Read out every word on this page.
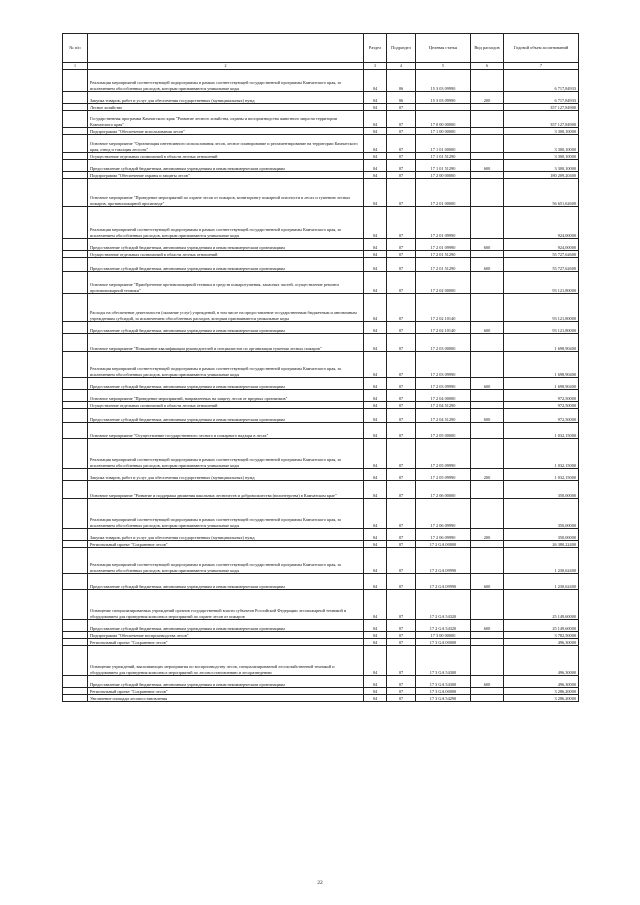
№ п/п		Раздел	Подраздел	Целевая статья	Вид расходов	Годовой объем ассигнований
1	2	3	4	5	6	7
	Реализация мероприятий соответствующей подпрограммы в рамках соответствующей государственной программы Камчатского края, за исключением обособленных расходов, которым присваиваются уникальные коды	04	06	15 3 03 09990		6 717,84933
	Закупка товаров, работ и услуг для обеспечения государственных (муниципальных) нужд	04	06	15 3 03 09990	200	6 717,84933
	Лесное хозяйство	04	07			357 127,84900
	Государственная программа Камчатского края "Развитие лесного хозяйства, охраны и воспроизводства животного мира на территории Камчатского края"	04	07	17 0 00 00000		357 127,84900
	Подпрограмма "Обеспечение использования лесов"	04	07	17 1 00 00000		3 300,10000
	Основное мероприятие "Организация интенсивного использования лесов, лесное планирование и регламентирование на территории Камчатского края, отвод и таксация лесосек"	04	07	17 1 01 00000		3 300,10000
	Осуществление отдельных полномочий в области лесных отношений	04	07	17 1 01 51290		3 300,10000
	Предоставление субсидий бюджетным, автономным учреждениям и иным некоммерческим организациям	04	07	17 1 01 51290	600	3 300,10000
	Подпрограмма "Обеспечение охраны и защиты лесов"	04	07	17 2 00 00000		180 209,20400
	Основное мероприятие "Проведение мероприятий по охране лесов от пожаров, мониторингу пожарной опасности в лесах и тушению лесных пожаров, противопожарной пропаганде"	04	07	17 2 01 00000		56 651,62600
	Реализация мероприятий соответствующей подпрограммы в рамках соответствующей государственной программы Камчатского края, за исключением обособленных расходов, которым присваиваются уникальные коды	04	07	17 2 01 09990		924,00000
	Предоставление субсидий бюджетным, автономным учреждениям и иным некоммерческим организациям	04	07	17 2 01 09990	600	924,00000
	Осуществление отдельных полномочий в области лесных отношений	04	07	17 2 01 51290		55 727,62600
	Предоставление субсидий бюджетным, автономным учреждениям и иным некоммерческим организациям	04	07	17 2 01 51290	600	55 727,62600
	Основное мероприятие "Приобретение противопожарной техники и средств пожаротушения, запасных частей, осуществление ремонта противопожарной техники"	04	07	17 2 02 00000		93 121,80000
	Расходы на обеспечение деятельности (оказание услуг) учреждений, в том числе на предоставление государственным бюджетным и автономным учреждениям субсидий, за исключением обособленных расходов, которым присваиваются уникальные коды	04	07	17 2 02 10140		93 121,80000
	Предоставление субсидий бюджетным, автономным учреждениям и иным некоммерческим организациям	04	07	17 2 02 10140	600	93 121,80000
	Основное мероприятие "Повышение квалификации руководителей и специалистов по организации тушения лесных пожаров"	04	07	17 2 03 00000		1 698,90400
	Реализация мероприятий соответствующей подпрограммы в рамках соответствующей государственной программы Камчатского края, за исключением обособленных расходов, которым присваиваются уникальные коды	04	07	17 2 03 09990		1 698,90400
	Предоставление субсидий бюджетным, автономным учреждениям и иным некоммерческим организациям	04	07	17 2 03 09990	600	1 698,90400
	Основное мероприятие "Проведение мероприятий, направленных на защиту лесов от вредных организмов"	04	07	17 2 04 00000		972,50000
	Осуществление отдельных полномочий в области лесных отношений	04	07	17 2 04 51290		972,50000
	Предоставление субсидий бюджетным, автономным учреждениям и иным некоммерческим организациям	04	07	17 2 04 51290	600	972,50000
	Основное мероприятие "Осуществление государственного лесного и пожарного надзора в лесах"	04	07	17 2 05 00000		1 032,15000
	Реализация мероприятий соответствующей подпрограммы в рамках соответствующей государственной программы Камчатского края, за исключением обособленных расходов, которым присваиваются уникальные коды	04	07	17 2 05 09990		1 032,15000
	Закупка товаров, работ и услуг для обеспечения государственных (муниципальных) нужд	04	07	17 2 05 09990	200	1 032,15000
	Основное мероприятие "Развитие и поддержка движения школьных лесничеств и добровольчества (волонтерства) в Камчатском крае"	04	07	17 2 06 00000		350,00000
	Реализация мероприятий соответствующей подпрограммы в рамках соответствующей государственной программы Камчатского края, за исключением обособленных расходов, которым присваиваются уникальные коды	04	07	17 2 06 09990		350,00000
	Закупка товаров, работ и услуг для обеспечения государственных (муниципальных) нужд	04	07	17 2 06 09990	200	350,00000
	Региональный проект "Сохранение лесов"	04	07	17 2 GA 00000		26 380,22400
	Реализация мероприятий соответствующей подпрограммы в рамках соответствующей государственной программы Камчатского края, за исключением обособленных расходов, которым присваиваются уникальные коды	04	07	17 2 GA 09990		1 230,62400
	Предоставление субсидий бюджетным, автономным учреждениям и иным некоммерческим организациям	04	07	17 2 GA 09990	600	1 230,62400
	Оснащение специализированных учреждений органов государственной власти субъектов Российской Федерации лесопожарной техникой и оборудованием для проведения комплекса мероприятий по охране лесов от пожаров	04	07	17 2 GA 54320		25 149,60000
	Предоставление субсидий бюджетным, автономным учреждениям и иным некоммерческим организациям	04	07	17 2 GA 54320	600	25 149,60000
	Подпрограмма "Обеспечение воспроизводства лесов"	04	07	17 3 00 00000		3 782,50000
	Региональный проект "Сохранение лесов"	04	07	17 3 GA 00000		496,30000
	Оснащение учреждений, выполняющих мероприятия по воспроизводству лесов, специализированной лесохозяйственной техникой и оборудованием для проведения комплекса мероприятий по лесовосстановлению и лесоразведению	04	07	17 3 GA 54300		496,30000
	Предоставление субсидий бюджетным, автономным учреждениям и иным некоммерческим организациям	04	07	17 3 GA 54300	600	496,30000
	Региональный проект "Сохранение лесов"	04	07	17 3 GA 00000		3 286,20000
	Увеличение площади лесовосстановления	04	07	17 3 GA 54290		3 286,20000
22
